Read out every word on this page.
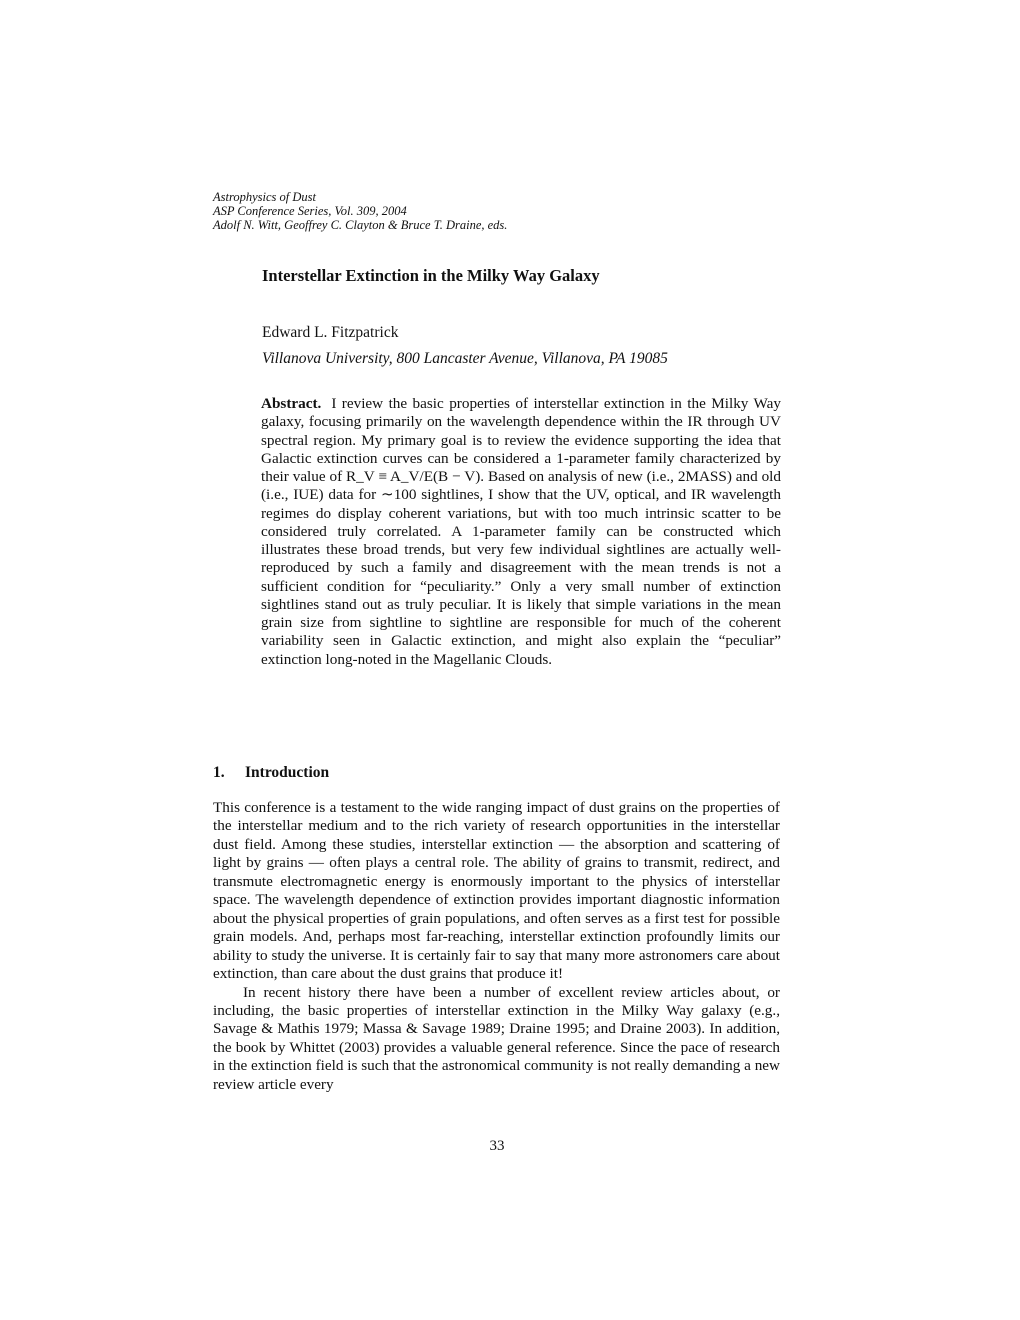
Astrophysics of Dust
ASP Conference Series, Vol. 309, 2004
Adolf N. Witt, Geoffrey C. Clayton & Bruce T. Draine, eds.
Interstellar Extinction in the Milky Way Galaxy
Edward L. Fitzpatrick
Villanova University, 800 Lancaster Avenue, Villanova, PA 19085
Abstract. I review the basic properties of interstellar extinction in the Milky Way galaxy, focusing primarily on the wavelength dependence within the IR through UV spectral region. My primary goal is to review the evidence supporting the idea that Galactic extinction curves can be considered a 1-parameter family characterized by their value of R_V ≡ A_V/E(B − V). Based on analysis of new (i.e., 2MASS) and old (i.e., IUE) data for ∼100 sightlines, I show that the UV, optical, and IR wavelength regimes do display coherent variations, but with too much intrinsic scatter to be considered truly correlated. A 1-parameter family can be constructed which illustrates these broad trends, but very few individual sightlines are actually well-reproduced by such a family and disagreement with the mean trends is not a sufficient condition for “peculiarity.” Only a very small number of extinction sightlines stand out as truly peculiar. It is likely that simple variations in the mean grain size from sightline to sightline are responsible for much of the coherent variability seen in Galactic extinction, and might also explain the “peculiar” extinction long-noted in the Magellanic Clouds.
1. Introduction

This conference is a testament to the wide ranging impact of dust grains on the properties of the interstellar medium and to the rich variety of research opportunities in the interstellar dust field. Among these studies, interstellar extinction — the absorption and scattering of light by grains — often plays a central role. The ability of grains to transmit, redirect, and transmute electromagnetic energy is enormously important to the physics of interstellar space. The wavelength dependence of extinction provides important diagnostic information about the physical properties of grain populations, and often serves as a first test for possible grain models. And, perhaps most far-reaching, interstellar extinction profoundly limits our ability to study the universe. It is certainly fair to say that many more astronomers care about extinction, than care about the dust grains that produce it!

In recent history there have been a number of excellent review articles about, or including, the basic properties of interstellar extinction in the Milky Way galaxy (e.g., Savage & Mathis 1979; Massa & Savage 1989; Draine 1995; and Draine 2003). In addition, the book by Whittet (2003) provides a valuable general reference. Since the pace of research in the extinction field is such that the astronomical community is not really demanding a new review article every

33
